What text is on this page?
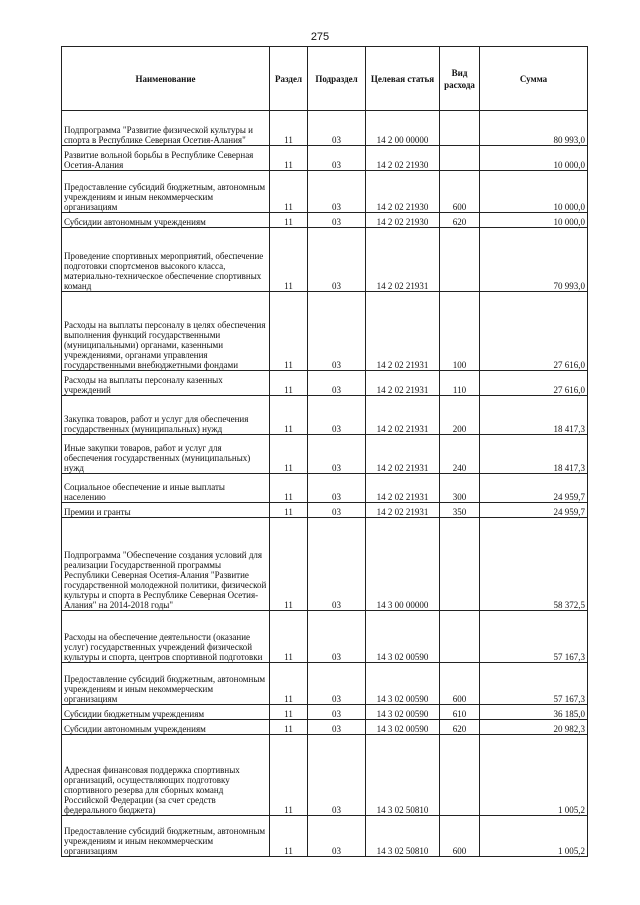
275
Наименование	Раздел	Подраздел	Целевая статья	Вид расхода	Сумма
Подпрограмма "Развитие физической культуры и спорта в Республике Северная Осетия-Алания"	11	03	14 2 00 00000		80 993,0
Развитие вольной борьбы в Республике Северная Осетия-Алания	11	03	14 2 02 21930		10 000,0
Предоставление субсидий бюджетным, автономным учреждениям и иным некоммерческим организациям	11	03	14 2 02 21930	600	10 000,0
Субсидии автономным учреждениям	11	03	14 2 02 21930	620	10 000,0
Проведение спортивных мероприятий, обеспечение подготовки спортсменов высокого класса, материально-техническое обеспечение спортивных команд	11	03	14 2 02 21931		70 993,0
Расходы на выплаты персоналу в целях обеспечения выполнения функций государственными (муниципальными) органами, казенными учреждениями, органами управления государственными внебюджетными фондами	11	03	14 2 02 21931	100	27 616,0
Расходы на выплаты персоналу казенных учреждений	11	03	14 2 02 21931	110	27 616,0
Закупка товаров, работ и услуг для обеспечения государственных (муниципальных) нужд	11	03	14 2 02 21931	200	18 417,3
Иные закупки товаров, работ и услуг для обеспечения государственных (муниципальных) нужд	11	03	14 2 02 21931	240	18 417,3
Социальное обеспечение и иные выплаты населению	11	03	14 2 02 21931	300	24 959,7
Премии и гранты	11	03	14 2 02 21931	350	24 959,7
Подпрограмма "Обеспечение создания условий для реализации Государственной программы Республики Северная Осетия-Алания "Развитие государственной молодежной политики, физической культуры и спорта в Республике Северная Осетия-Алания" на 2014-2018 годы"	11	03	14 3 00 00000		58 372,5
Расходы на обеспечение деятельности (оказание услуг) государственных учреждений физической культуры и спорта, центров спортивной подготовки	11	03	14 3 02 00590		57 167,3
Предоставление субсидий бюджетным, автономным учреждениям и иным некоммерческим организациям	11	03	14 3 02 00590	600	57 167,3
Субсидии бюджетным учреждениям	11	03	14 3 02 00590	610	36 185,0
Субсидии автономным учреждениям	11	03	14 3 02 00590	620	20 982,3
Адресная финансовая поддержка спортивных организаций, осуществляющих подготовку спортивного резерва для сборных команд Российской Федерации (за счет средств федерального бюджета)	11	03	14 3 02 50810		1 005,2
Предоставление субсидий бюджетным, автономным учреждениям и иным некоммерческим организациям	11	03	14 3 02 50810	600	1 005,2
